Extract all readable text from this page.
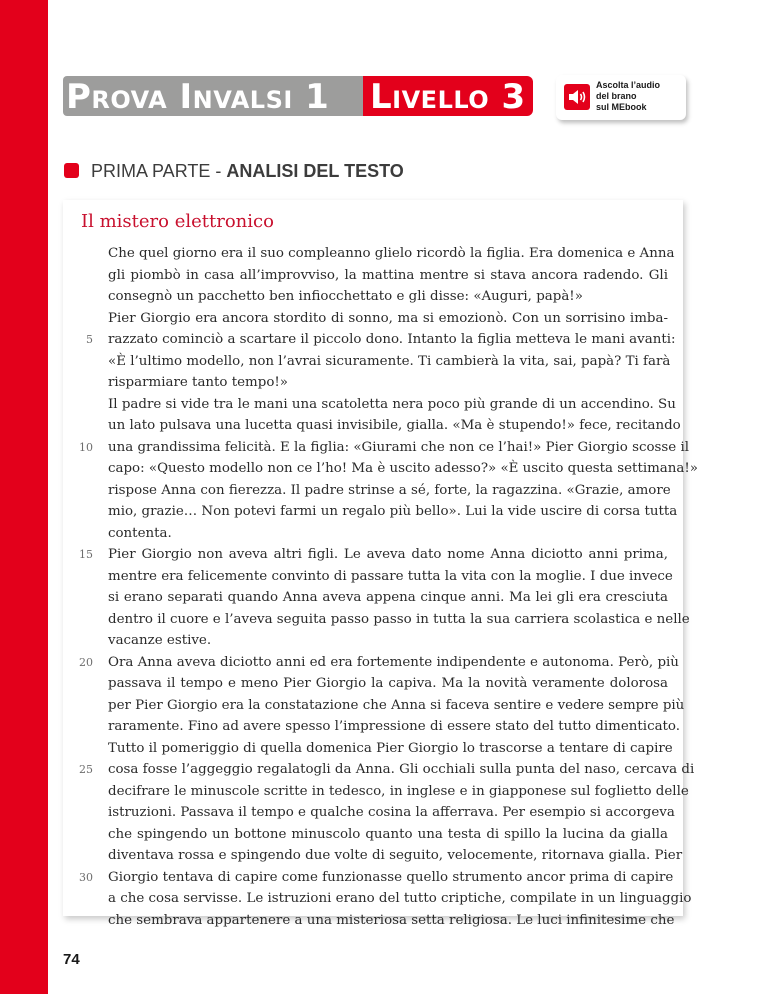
Prova Invalsi 1 Livello 3	Ascolta l’audio
del brano
sul MEbook
PRIMA PARTE - ANALISI DEL TESTO
Il mistero elettronico
Che quel giorno era il suo compleanno glielo ricordò la figlia. Era domenica e Anna
gli piombò in casa all’improvviso, la mattina mentre si stava ancora radendo. Gli
consegnò un pacchetto ben infiocchettato e gli disse: «Auguri, papà!»
Pier Giorgio era ancora stordito di sonno, ma si emozionò. Con un sorrisino imba-
5 razzato cominciò a scartare il piccolo dono. Intanto la figlia metteva le mani avanti:
«È l’ultimo modello, non l’avrai sicuramente. Ti cambierà la vita, sai, papà? Ti farà
risparmiare tanto tempo!»
Il padre si vide tra le mani una scatoletta nera poco più grande di un accendino. Su
un lato pulsava una lucetta quasi invisibile, gialla. «Ma è stupendo!» fece, recitando
10 una grandissima felicità. E la figlia: «Giurami che non ce l’hai!» Pier Giorgio scosse il
capo: «Questo modello non ce l’ho! Ma è uscito adesso?» «È uscito questa settimana!»
rispose Anna con fierezza. Il padre strinse a sé, forte, la ragazzina. «Grazie, amore
mio, grazie… Non potevi farmi un regalo più bello». Lui la vide uscire di corsa tutta
contenta.
15 Pier Giorgio non aveva altri figli. Le aveva dato nome Anna diciotto anni prima,
mentre era felicemente convinto di passare tutta la vita con la moglie. I due invece
si erano separati quando Anna aveva appena cinque anni. Ma lei gli era cresciuta
dentro il cuore e l’aveva seguita passo passo in tutta la sua carriera scolastica e nelle
vacanze estive.
20 Ora Anna aveva diciotto anni ed era fortemente indipendente e autonoma. Però, più
passava il tempo e meno Pier Giorgio la capiva. Ma la novità veramente dolorosa
per Pier Giorgio era la constatazione che Anna si faceva sentire e vedere sempre più
raramente. Fino ad avere spesso l’impressione di essere stato del tutto dimenticato.
Tutto il pomeriggio di quella domenica Pier Giorgio lo trascorse a tentare di capire
25 cosa fosse l’aggeggio regalatogli da Anna. Gli occhiali sulla punta del naso, cercava di
decifrare le minuscole scritte in tedesco, in inglese e in giapponese sul foglietto delle
istruzioni. Passava il tempo e qualche cosina la afferrava. Per esempio si accorgeva
che spingendo un bottone minuscolo quanto una testa di spillo la lucina da gialla
diventava rossa e spingendo due volte di seguito, velocemente, ritornava gialla. Pier
30 Giorgio tentava di capire come funzionasse quello strumento ancor prima di capire
a che cosa servisse. Le istruzioni erano del tutto criptiche, compilate in un linguaggio
che sembrava appartenere a una misteriosa setta religiosa. Le luci infinitesime che
74
